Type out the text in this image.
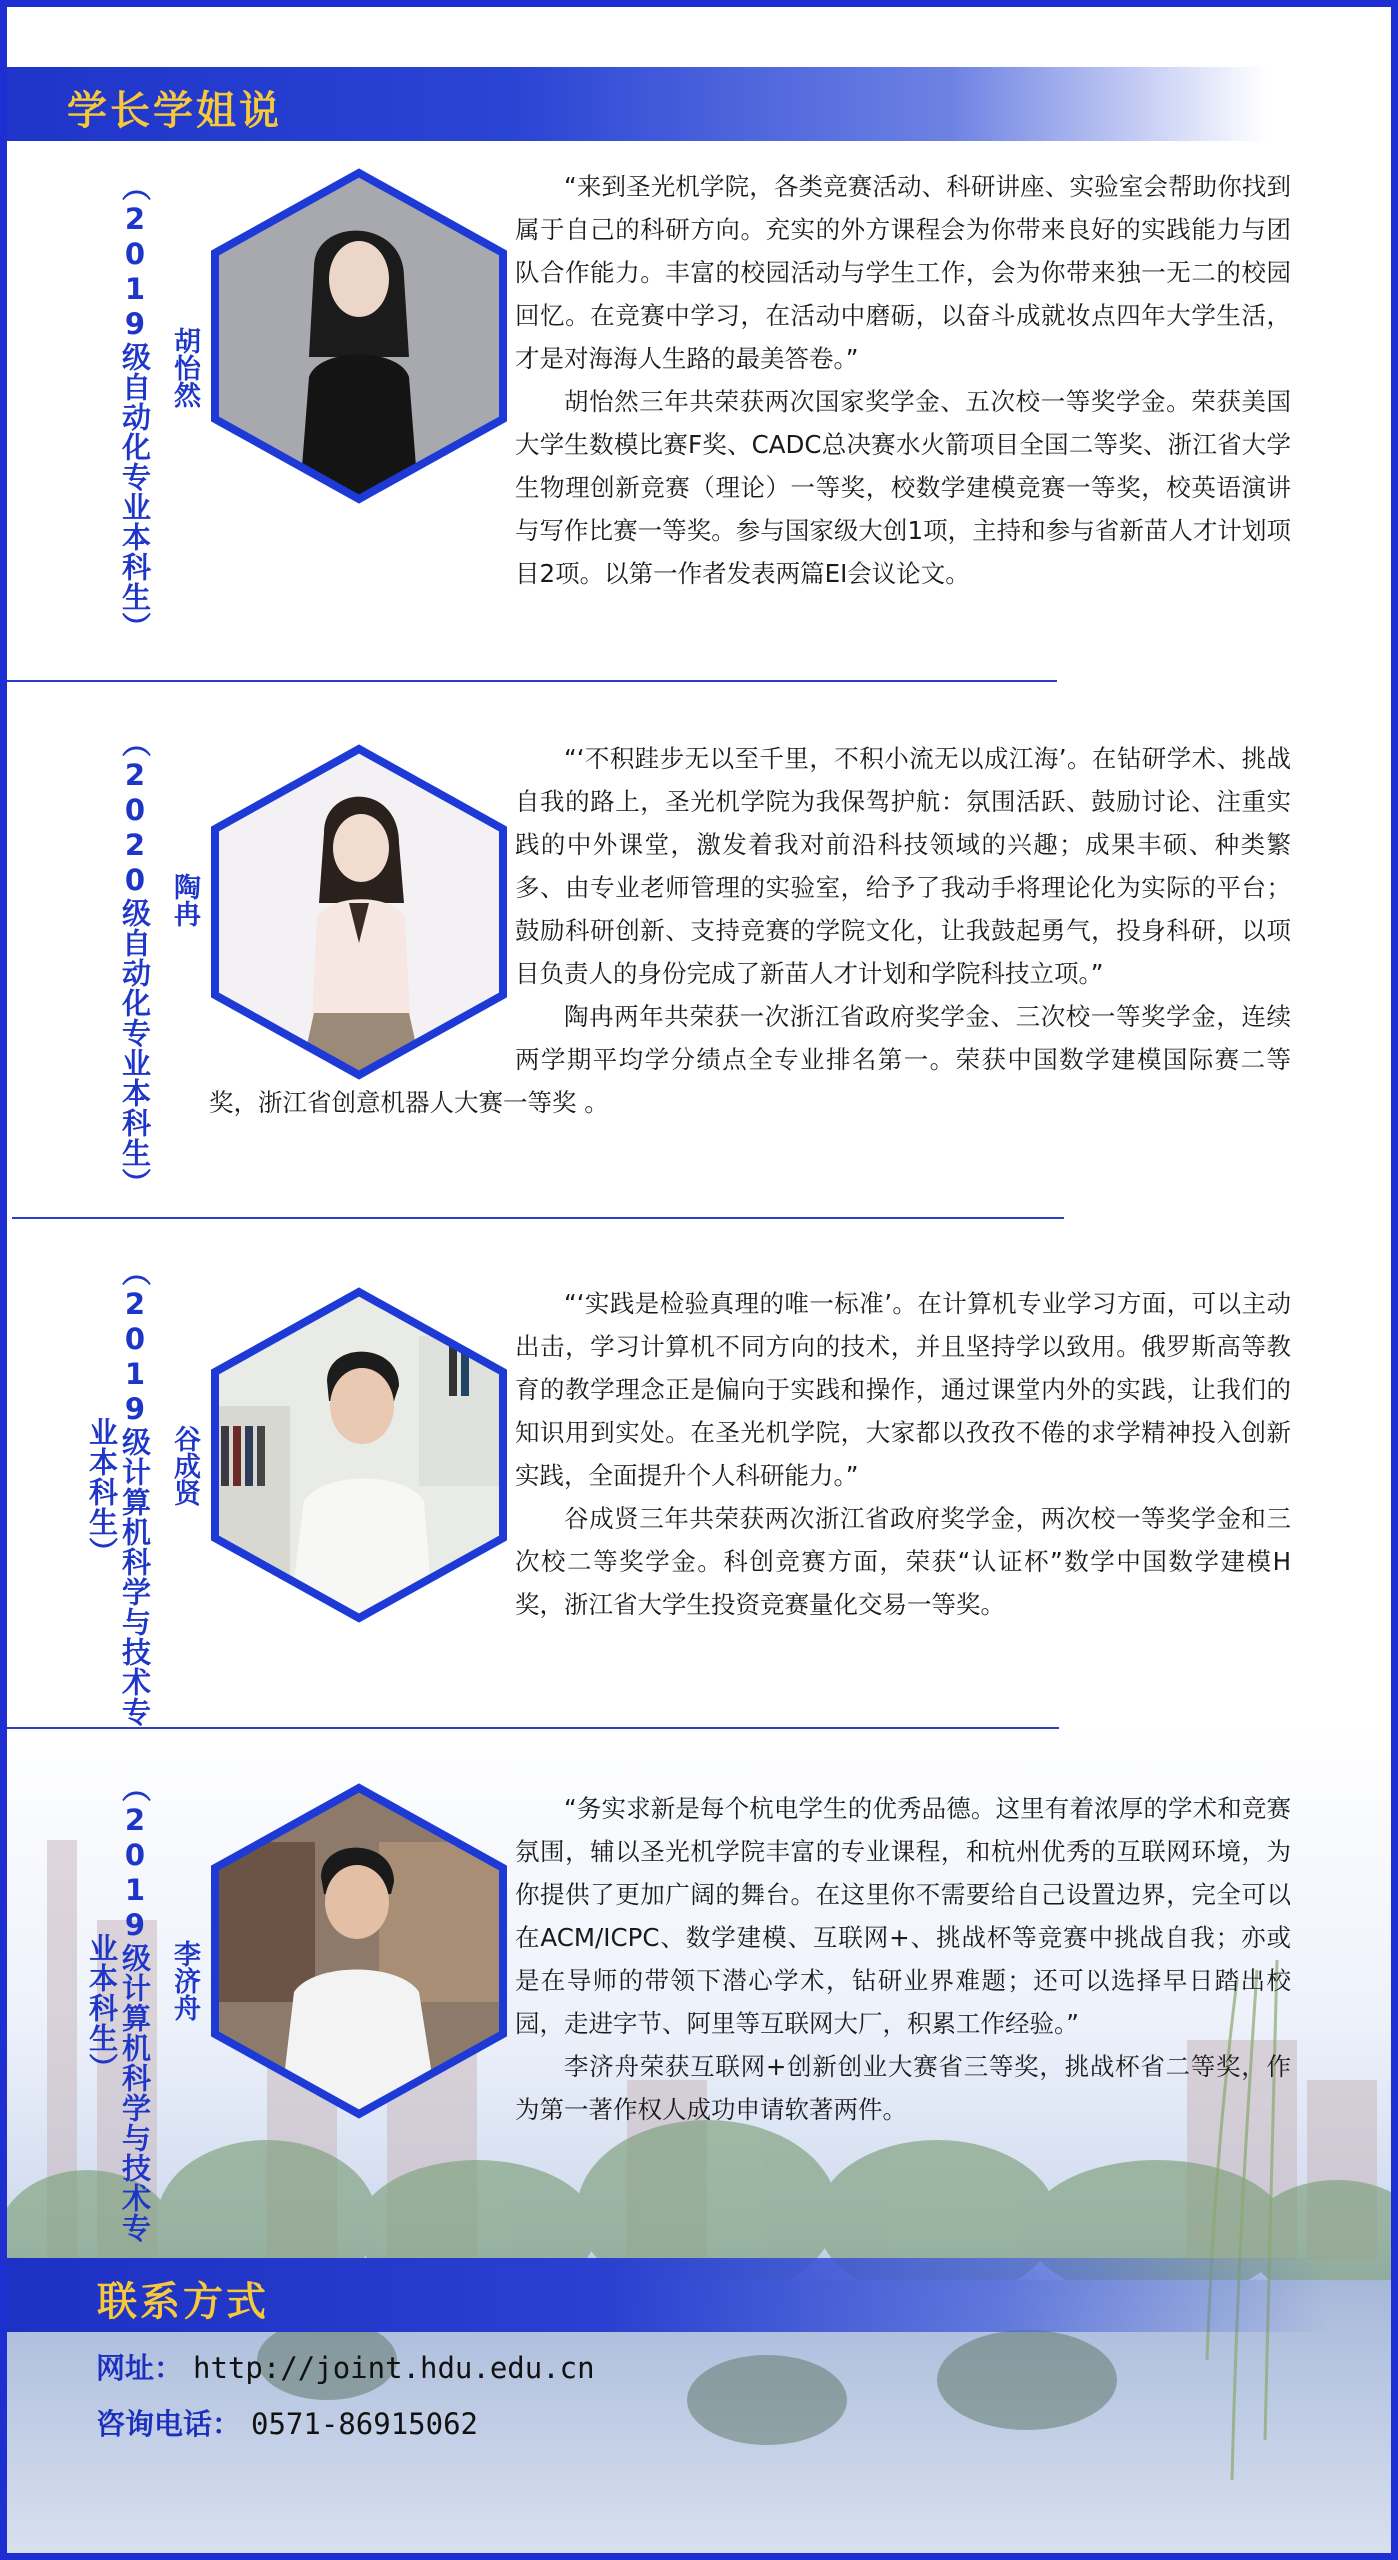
学长学姐说
（2019级自动化专业本科生） 胡怡然

“来到圣光机学院，各类竞赛活动、科研讲座、实验室会帮助你找到属于自己的科研方向。充实的外方课程会为你带来良好的实践能力与团队合作能力。丰富的校园活动与学生工作，会为你带来独一无二的校园回忆。在竞赛中学习，在活动中磨砺，以奋斗成就妆点四年大学生活，才是对海海人生路的最美答卷。”

胡怡然三年共荣获两次国家奖学金、五次校一等奖学金。荣获美国大学生数模比赛F奖、CADC总决赛水火箭项目全国二等奖、浙江省大学生物理创新竞赛（理论）一等奖，校数学建模竞赛一等奖，校英语演讲与写作比赛一等奖。参与国家级大创1项，主持和参与省新苗人才计划项目2项。以第一作者发表两篇EI会议论文。

（2020级自动化专业本科生） 陶冉

“‘不积跬步无以至千里，不积小流无以成江海’。在钻研学术、挑战自我的路上，圣光机学院为我保驾护航：氛围活跃、鼓励讨论、注重实践的中外课堂，激发着我对前沿科技领域的兴趣；成果丰硕、种类繁多、由专业老师管理的实验室，给予了我动手将理论化为实际的平台；鼓励科研创新、支持竞赛的学院文化，让我鼓起勇气，投身科研，以项目负责人的身份完成了新苗人才计划和学院科技立项。”

陶冉两年共荣获一次浙江省政府奖学金、三次校一等奖学金，连续两学期平均学分绩点全专业排名第一。荣获中国数学建模国际赛二等奖，浙江省创意机器人大赛一等奖 。

（2019级计算机科学与技术专业本科生）	谷成贤

“‘实践是检验真理的唯一标准’。在计算机专业学习方面，可以主动出击，学习计算机不同方向的技术，并且坚持学以致用。俄罗斯高等教育的教学理念正是偏向于实践和操作，通过课堂内外的实践，让我们的知识用到实处。在圣光机学院，大家都以孜孜不倦的求学精神投入创新实践，全面提升个人科研能力。”

谷成贤三年共荣获两次浙江省政府奖学金，两次校一等奖学金和三次校二等奖学金。科创竞赛方面，荣获“认证杯”数学中国数学建模H奖，浙江省大学生投资竞赛量化交易一等奖。

（2019级计算机科学与技术专业本科生）	李济舟

“务实求新是每个杭电学生的优秀品德。这里有着浓厚的学术和竞赛氛围，辅以圣光机学院丰富的专业课程，和杭州优秀的互联网环境，为你提供了更加广阔的舞台。在这里你不需要给自己设置边界，完全可以在ACM/ICPC、数学建模、互联网+、挑战杯等竞赛中挑战自我；亦或是在导师的带领下潜心学术，钻研业界难题；还可以选择早日踏出校园，走进字节、阿里等互联网大厂，积累工作经验。”

李济舟荣获互联网+创新创业大赛省三等奖，挑战杯省二等奖，作为第一著作权人成功申请软著两件。

联系方式
网址： http://joint.hdu.edu.cn
咨询电话： 0571-86915062
